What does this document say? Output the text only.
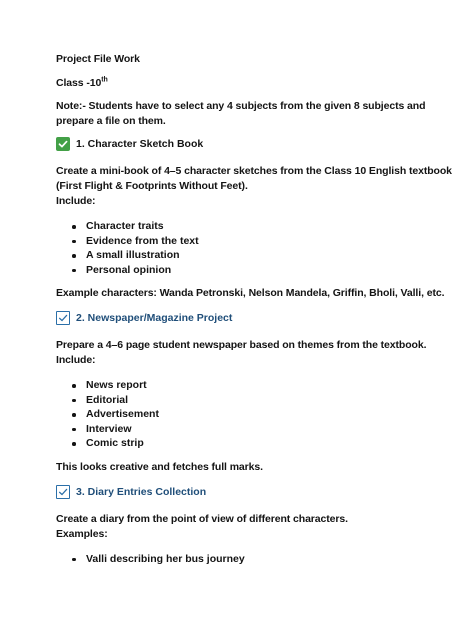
Project File Work

Class -10th

Note:- Students have to select any 4 subjects from the given 8 subjects and

prepare a file on them.

1. Character Sketch Book

Create a mini-book of 4–5 character sketches from the Class 10 English textbook

(First Flight & Footprints Without Feet).

Include:

Character traits
Evidence from the text
A small illustration
Personal opinion

Example characters: Wanda Petronski, Nelson Mandela, Griffin, Bholi, Valli, etc.

2. Newspaper/Magazine Project

Prepare a 4–6 page student newspaper based on themes from the textbook.

Include:

News report
Editorial
Advertisement
Interview
Comic strip

This looks creative and fetches full marks.

3. Diary Entries Collection

Create a diary from the point of view of different characters.

Examples:

Valli describing her bus journey
